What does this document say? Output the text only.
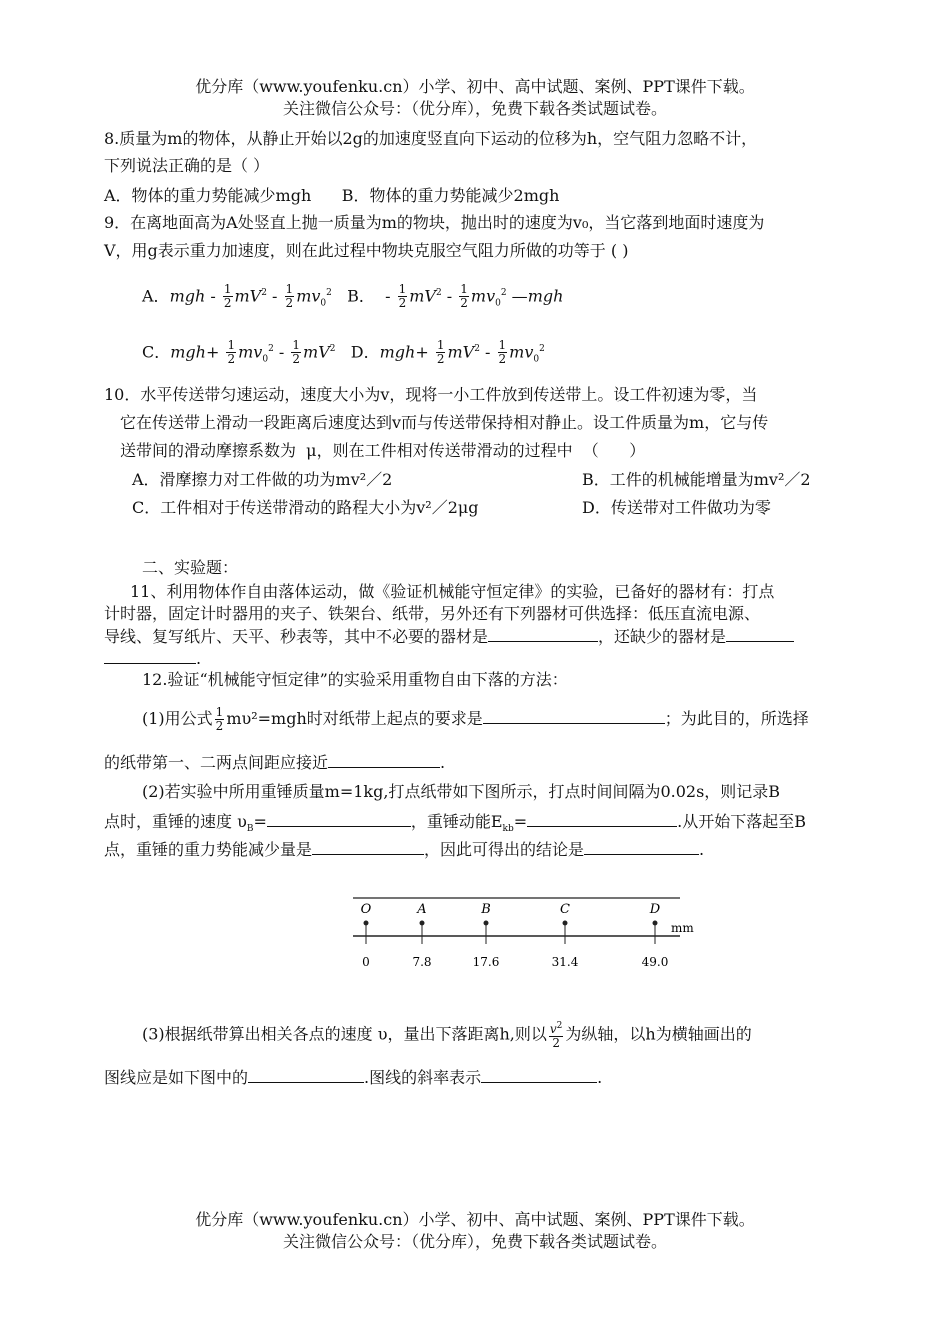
优分库（www.youfenku.cn）小学、初中、高中试题、案例、PPT课件下载。
关注微信公众号：（优分库），免费下载各类试题试卷。
8.质量为m的物体，从静止开始以2g的加速度竖直向下运动的位移为h，空气阻力忽略不计，
下列说法正确的是（ ）
A．物体的重力势能减少mgh      B．物体的重力势能减少2mgh
9．在离地面高为A处竖直上抛一质量为m的物块，抛出时的速度为v₀，当它落到地面时速度为
V，用g表示重力加速度，则在此过程中物块克服空气阻力所做的功等于 ( )
A．mgh - $\frac{1}{2} mV^2 - \frac{1}{2} mv_0^2$ B．  - $\frac{1}{2} mV^2 - \frac{1}{2} mv_0^2$ —mgh
C．$mgh+ \frac{1}{2} mv_0^2 - \frac{1}{2} mV^2$ D．$mgh+ \frac{1}{2} mV^2 - \frac{1}{2} mv_0^2$
10．水平传送带匀速运动，速度大小为v，现将一小工件放到传送带上。设工件初速为零，当
它在传送带上滑动一段距离后速度达到v而与传送带保持相对静止。设工件质量为m，它与传
送带间的滑动摩擦系数为  μ，则在工件相对传送带滑动的过程中  （      ）
A．滑摩擦力对工件做的功为mv²／2	B．工件的机械能增量为mv²／2
C．工件相对于传送带滑动的路程大小为v²／2μg	D．传送带对工件做功为零
二、实验题：
11、利用物体作自由落体运动，做《验证机械能守恒定律》的实验，已备好的器材有：打点
计时器，固定计时器用的夹子、铁架台、纸带，另外还有下列器材可供选择：低压直流电源、
导线、复写纸片、天平、秒表等，其中不必要的器材是	，还缺少的器材是
.
12.验证“机械能守恒定律”的实验采用重物自由下落的方法：
(1)用公式 $\frac{1}{2} m\upsilon^2=mgh$时对纸带上起点的要求是	；为此目的，所选择
的纸带第一、二两点间距应接近	.
(2)若实验中所用重锤质量m=1kg,打点纸带如下图所示，打点时间间隔为0.02s，则记录B
点时，重锤的速度 $\upsilon_B=$	，重锤动能$E_{kb}=$	.从开始下落起至B
点，重锤的重力势能减少量是	，因此可得出的结论是	.
O
0
A
7.8
B
17.6
C
31.4
D
49.0
mm
(3)根据纸带算出相关各点的速度 υ，量出下落距离h,则以 $\frac{v^2}{2}$ 为纵轴，以h为横轴画出的
图线应是如下图中的	.图线的斜率表示	.
优分库（www.youfenku.cn）小学、初中、高中试题、案例、PPT课件下载。
关注微信公众号：（优分库），免费下载各类试题试卷。
